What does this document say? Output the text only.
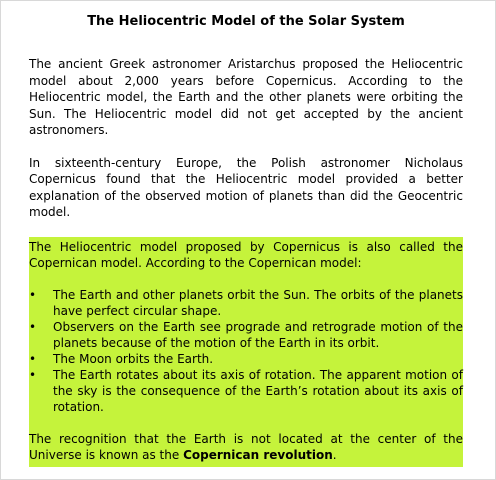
The Heliocentric Model of the Solar System

The ancient Greek astronomer Aristarchus proposed the Heliocentric model about 2,000 years before Copernicus. According to the Heliocentric model, the Earth and the other planets were orbiting the Sun. The Heliocentric model did not get accepted by the ancient astronomers.

In sixteenth-century Europe, the Polish astronomer Nicholaus Copernicus found that the Heliocentric model provided a better explanation of the observed motion of planets than did the Geocentric model.

The Heliocentric model proposed by Copernicus is also called the Copernican model. According to the Copernican model:

• The Earth and other planets orbit the Sun. The orbits of the planets have perfect circular shape.
• Observers on the Earth see prograde and retrograde motion of the planets because of the motion of the Earth in its orbit.
• The Moon orbits the Earth.
• The Earth rotates about its axis of rotation. The apparent motion of the sky is the consequence of the Earth’s rotation about its axis of rotation.

The recognition that the Earth is not located at the center of the Universe is known as the Copernican revolution.
